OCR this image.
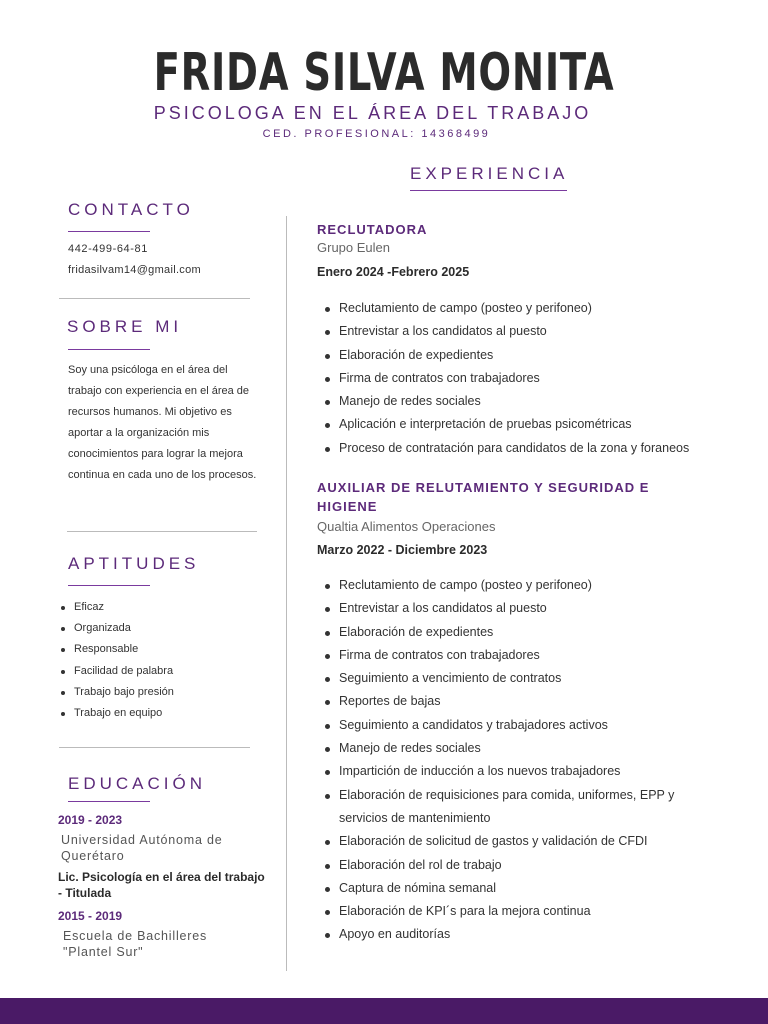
FRIDA SILVA MONITA
PSICOLOGA EN EL ÁREA DEL TRABAJO
CED. PROFESIONAL: 14368499
CONTACTO
442-499-64-81
fridasilvam14@gmail.com
SOBRE MI
Soy una psicóloga en el área del trabajo con experiencia en el área de recursos humanos. Mi objetivo es aportar a la organización mis conocimientos para lograr la mejora continua en cada uno de los procesos.
APTITUDES
Eficaz
Organizada
Responsable
Facilidad de palabra
Trabajo bajo presión
Trabajo en equipo
EDUCACIÓN
2019 - 2023
Universidad Autónoma de Querétaro
Lic. Psicología en el área del trabajo - Titulada
2015 - 2019
Escuela de Bachilleres "Plantel Sur"
EXPERIENCIA
RECLUTADORA
Grupo Eulen
Enero 2024 -Febrero 2025
Reclutamiento de campo (posteo y perifoneo)
Entrevistar a los candidatos al puesto
Elaboración de expedientes
Firma de contratos con trabajadores
Manejo de redes sociales
Aplicación e interpretación de pruebas psicométricas
Proceso de contratación para candidatos de la zona y foraneos
AUXILIAR DE RELUTAMIENTO Y SEGURIDAD E HIGIENE
Qualtia Alimentos Operaciones
Marzo 2022 - Diciembre 2023
Reclutamiento de campo (posteo y perifoneo)
Entrevistar a los candidatos al puesto
Elaboración de expedientes
Firma de contratos con trabajadores
Seguimiento a vencimiento de contratos
Reportes de bajas
Seguimiento a candidatos y trabajadores activos
Manejo de redes sociales
Impartición de inducción a los nuevos trabajadores
Elaboración de requisiciones para comida, uniformes, EPP y servicios de mantenimiento
Elaboración de solicitud de gastos y validación de CFDI
Elaboración del rol de trabajo
Captura de nómina semanal
Elaboración de KPI´s para la mejora continua
Apoyo en auditorías
